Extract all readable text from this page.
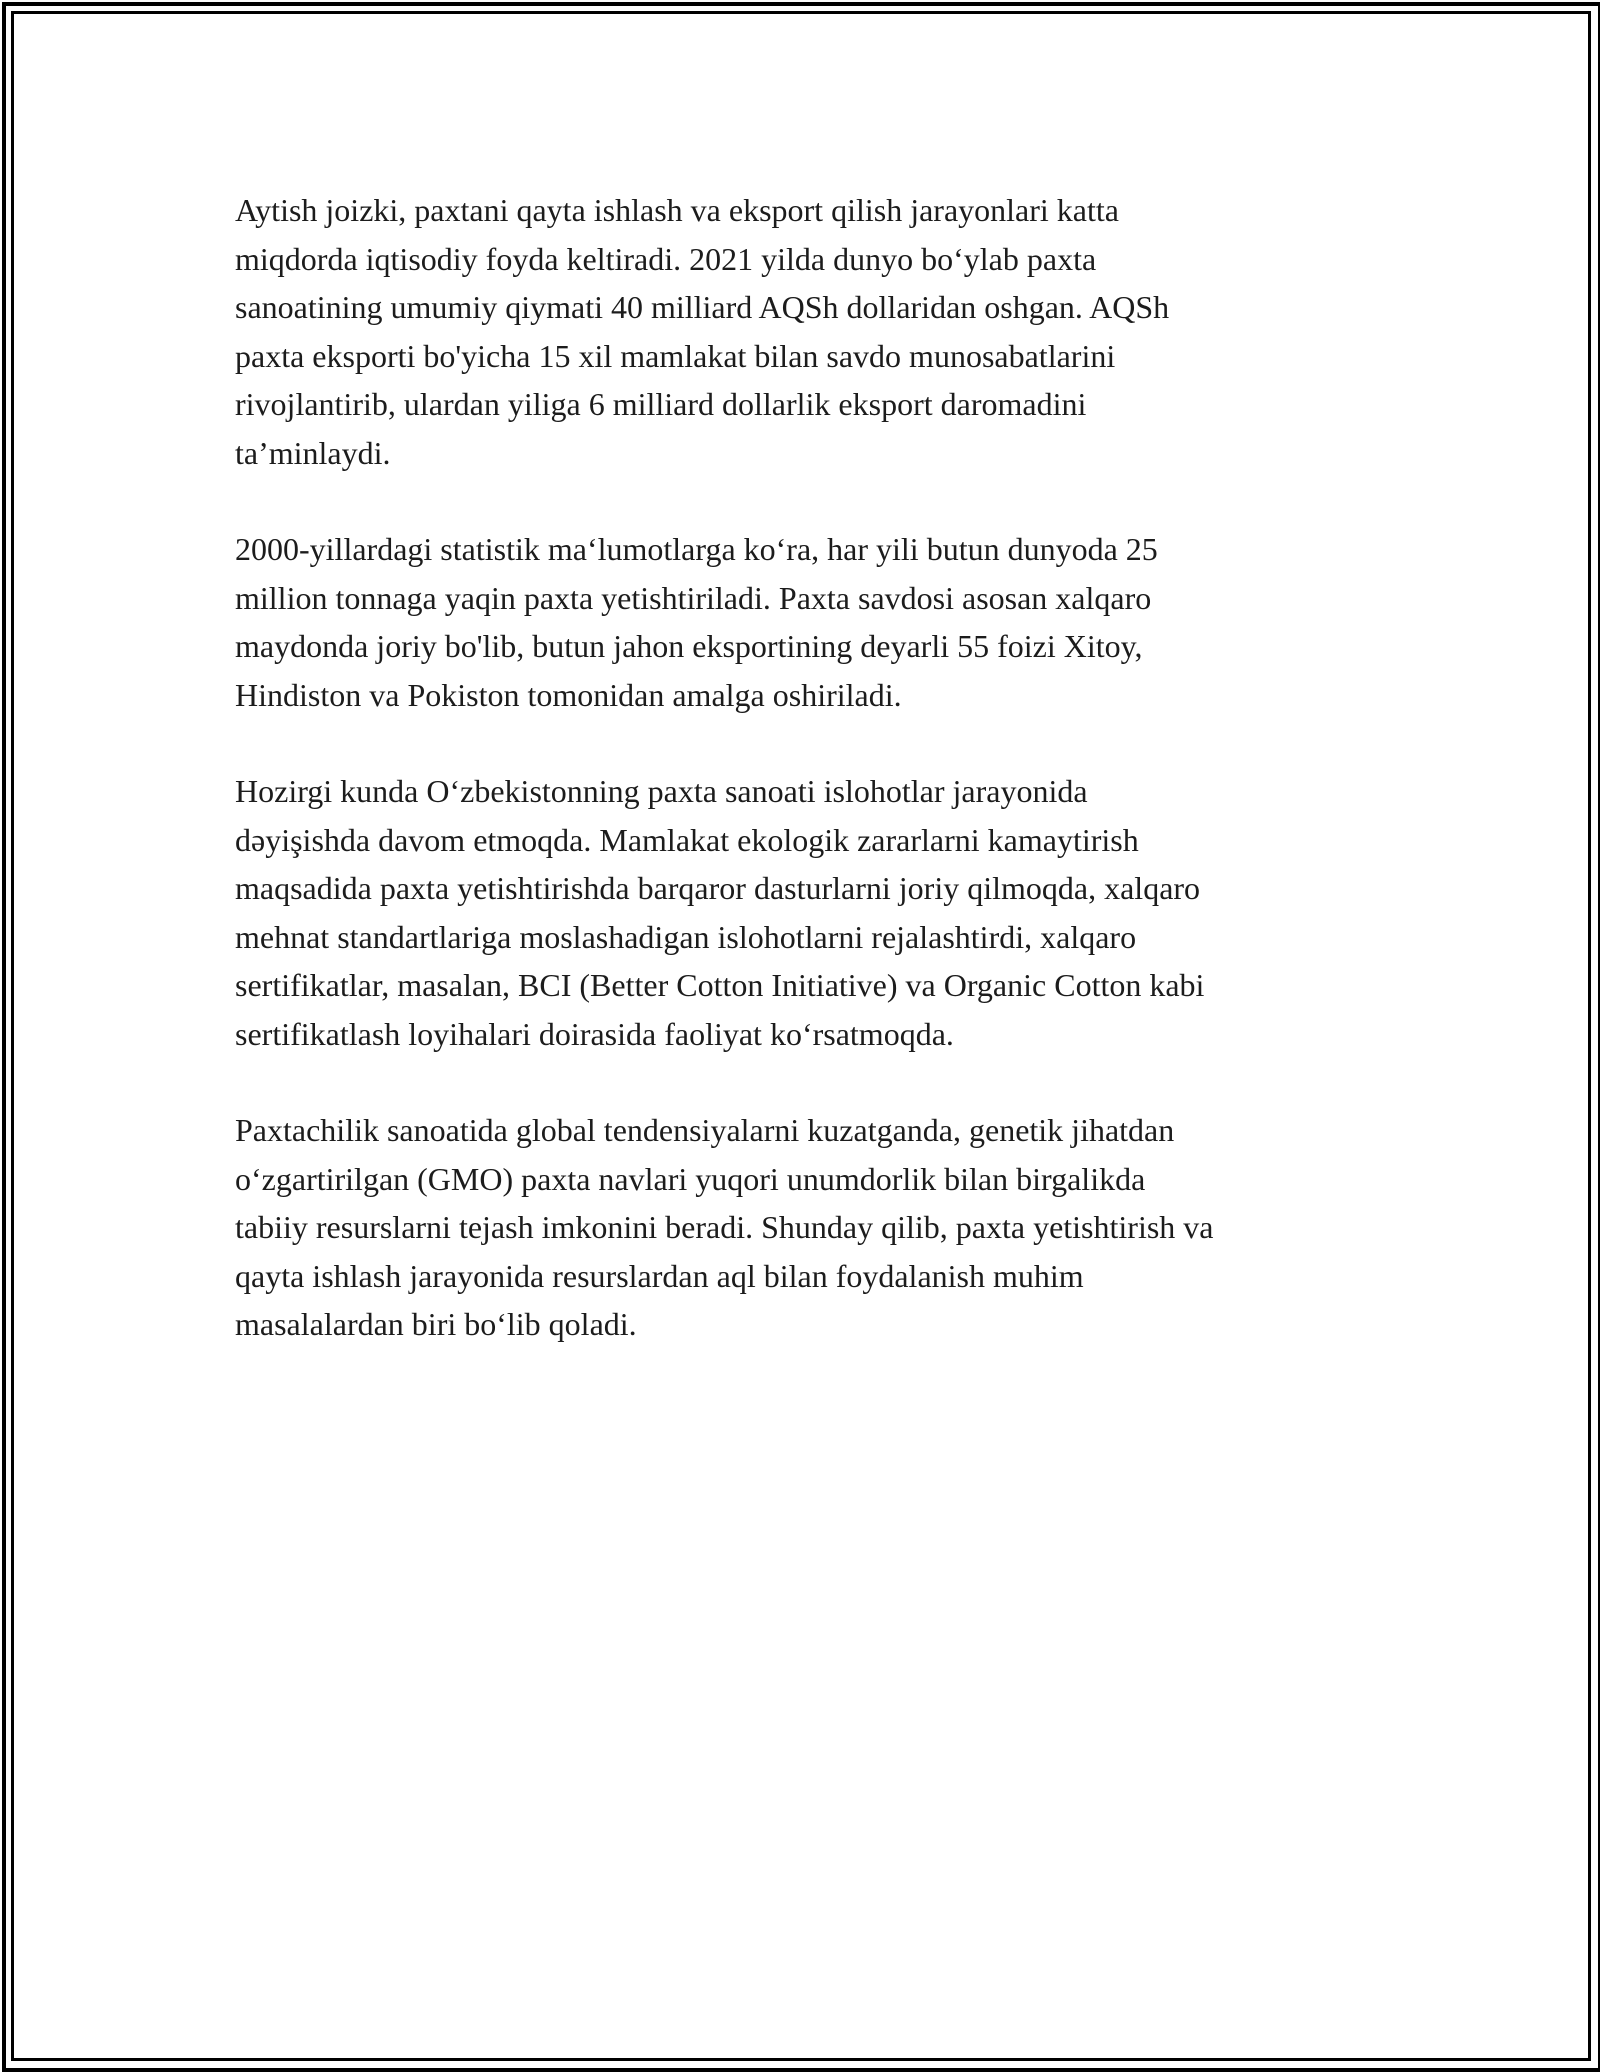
Aytish joizki, paxtani qayta ishlash va eksport qilish jarayonlari katta
miqdorda iqtisodiy foyda keltiradi. 2021 yilda dunyo boʻylab paxta
sanoatining umumiy qiymati 40 milliard AQSh dollaridan oshgan. AQSh
paxta eksporti bo'yicha 15 xil mamlakat bilan savdo munosabatlarini
rivojlantirib, ulardan yiliga 6 milliard dollarlik eksport daromadini
ta’minlaydi.

2000-yillardagi statistik maʻlumotlarga koʻra, har yili butun dunyoda 25
million tonnaga yaqin paxta yetishtiriladi. Paxta savdosi asosan xalqaro
maydonda joriy bo'lib, butun jahon eksportining deyarli 55 foizi Xitoy,
Hindiston va Pokiston tomonidan amalga oshiriladi.

Hozirgi kunda Oʻzbekistonning paxta sanoati islohotlar jarayonida
dəyişishda davom etmoqda. Mamlakat ekologik zararlarni kamaytirish
maqsadida paxta yetishtirishda barqaror dasturlarni joriy qilmoqda, xalqaro
mehnat standartlariga moslashadigan islohotlarni rejalashtirdi, xalqaro
sertifikatlar, masalan, BCI (Better Cotton Initiative) va Organic Cotton kabi
sertifikatlash loyihalari doirasida faoliyat koʻrsatmoqda.

Paxtachilik sanoatida global tendensiyalarni kuzatganda, genetik jihatdan
oʻzgartirilgan (GMO) paxta navlari yuqori unumdorlik bilan birgalikda
tabiiy resurslarni tejash imkonini beradi. Shunday qilib, paxta yetishtirish va
qayta ishlash jarayonida resurslardan aql bilan foydalanish muhim
masalalardan biri boʻlib qoladi.
